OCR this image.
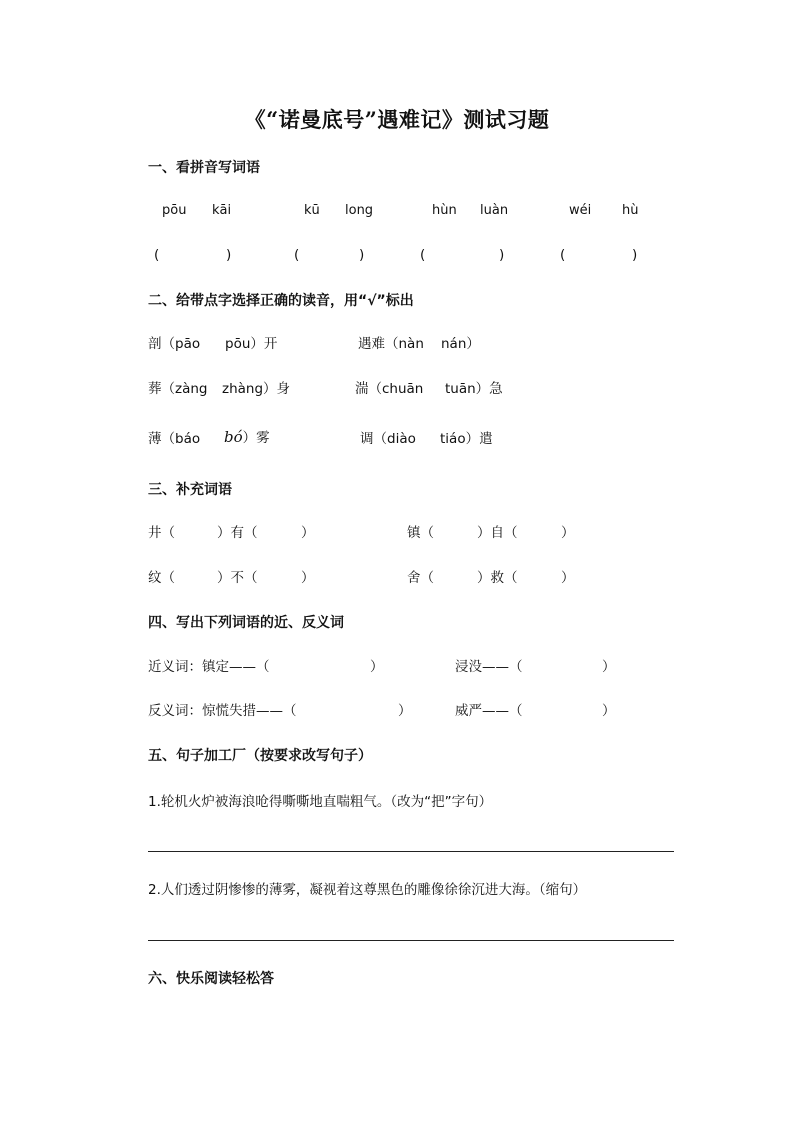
《“诺曼底号”遇难记》测试习题
一、看拼音写词语
pōu kāi	kū long	hùn luàn	wéi hù
(	)	(	)	(	)	(	)
二、给带点字选择正确的读音，用“√”标出
剖（pāo pōu）开	遇难（nàn nán）
葬（zàng zhàng）身	湍（chuān tuān）急
薄（báo bó）雾	调（diào tiáo）遣
三、补充词语
井（	）有（	）	镇（	）自（	）
纹（	）不（	）	舍（	）救（	）
四、写出下列词语的近、反义词
近义词：镇定——（	）	浸没——（	）
反义词：惊慌失措——（	）	威严——（	）
五、句子加工厂（按要求改写句子）
1.轮机火炉被海浪呛得嘶嘶地直喘粗气。（改为“把”字句）
2.人们透过阴惨惨的薄雾，凝视着这尊黑色的雕像徐徐沉进大海。（缩句）
六、快乐阅读轻松答
